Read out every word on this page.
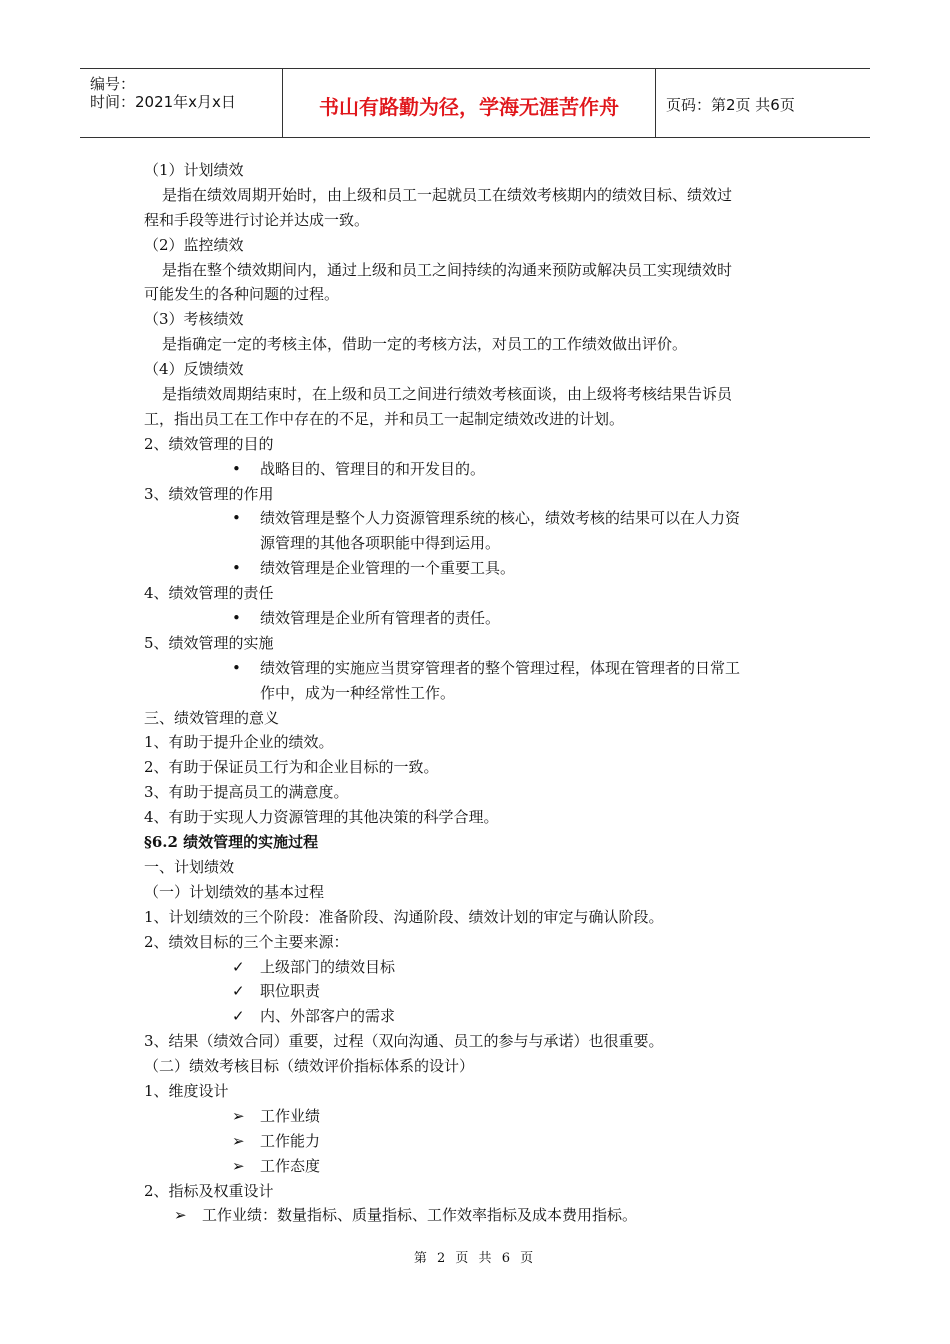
编号：
时间：2021年x月x日	书山有路勤为径，学海无涯苦作舟	页码：第2页 共6页
（1）计划绩效
是指在绩效周期开始时，由上级和员工一起就员工在绩效考核期内的绩效目标、绩效过
程和手段等进行讨论并达成一致。
（2）监控绩效
是指在整个绩效期间内，通过上级和员工之间持续的沟通来预防或解决员工实现绩效时
可能发生的各种问题的过程。
（3）考核绩效
是指确定一定的考核主体，借助一定的考核方法，对员工的工作绩效做出评价。
（4）反馈绩效
是指绩效周期结束时，在上级和员工之间进行绩效考核面谈，由上级将考核结果告诉员
工，指出员工在工作中存在的不足，并和员工一起制定绩效改进的计划。
2、绩效管理的目的
•	战略目的、管理目的和开发目的。
3、绩效管理的作用
•	绩效管理是整个人力资源管理系统的核心，绩效考核的结果可以在人力资
源管理的其他各项职能中得到运用。
•	绩效管理是企业管理的一个重要工具。
4、绩效管理的责任
•	绩效管理是企业所有管理者的责任。
5、绩效管理的实施
•	绩效管理的实施应当贯穿管理者的整个管理过程，体现在管理者的日常工
作中，成为一种经常性工作。
三、绩效管理的意义
1、有助于提升企业的绩效。
2、有助于保证员工行为和企业目标的一致。
3、有助于提高员工的满意度。
4、有助于实现人力资源管理的其他决策的科学合理。
§6.2 绩效管理的实施过程
一、计划绩效
（一）计划绩效的基本过程
1、计划绩效的三个阶段：准备阶段、沟通阶段、绩效计划的审定与确认阶段。
2、绩效目标的三个主要来源：
✓	上级部门的绩效目标
✓	职位职责
✓	内、外部客户的需求
3、结果（绩效合同）重要，过程（双向沟通、员工的参与与承诺）也很重要。
（二）绩效考核目标（绩效评价指标体系的设计）
1、维度设计
➢	工作业绩
➢	工作能力
➢	工作态度
2、指标及权重设计
➢ 工作业绩：数量指标、质量指标、工作效率指标及成本费用指标。
第 2 页 共 6 页
